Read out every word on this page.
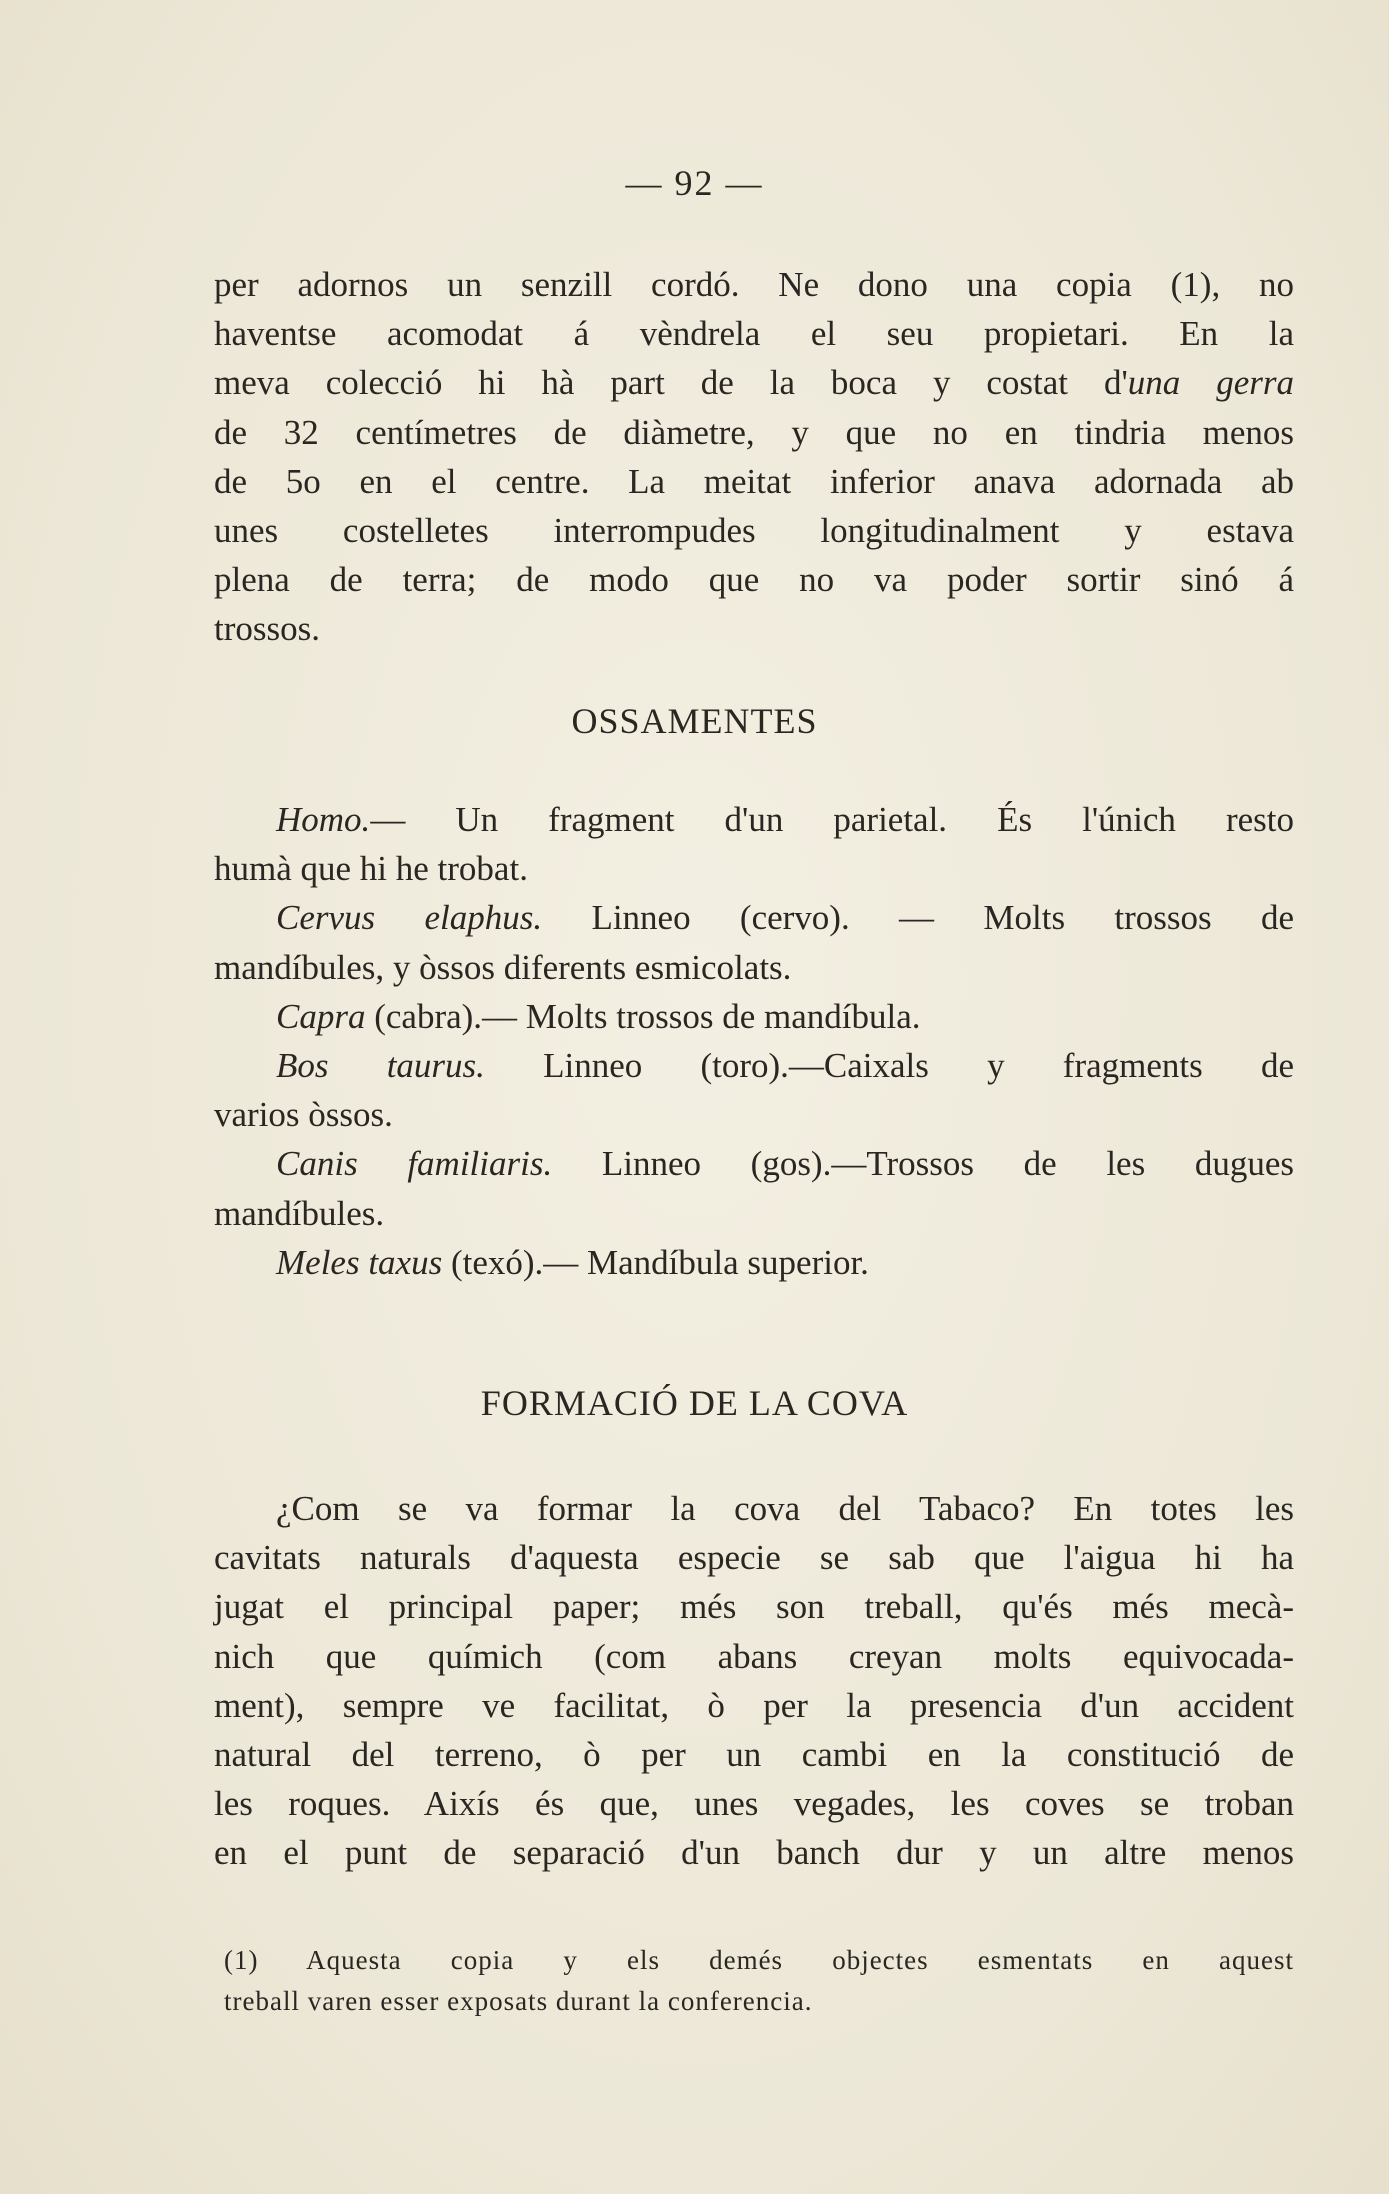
— 92 —

per adornos un senzill cordó. Ne dono una copia (1), no

haventse acomodat á vèndrela el seu propietari. En la

meva colecció hi hà part de la boca y costat d'una gerra

de 32 centímetres de diàmetre, y que no en tindria menos

de 5o en el centre. La meitat inferior anava adornada ab

unes costelletes interrompudes longitudinalment y estava

plena de terra; de modo que no va poder sortir sinó á

trossos.

OSSAMENTES

Homo.— Un fragment d'un parietal. És l'únich resto

humà que hi he trobat.

Cervus elaphus. Linneo (cervo). — Molts trossos de

mandíbules, y òssos diferents esmicolats.

Capra (cabra).— Molts trossos de mandíbula.

Bos taurus. Linneo (toro).—Caixals y fragments de

varios òssos.

Canis familiaris. Linneo (gos).—Trossos de les dugues

mandíbules.

Meles taxus (texó).— Mandíbula superior.

FORMACIÓ DE LA COVA

¿Com se va formar la cova del Tabaco? En totes les

cavitats naturals d'aquesta especie se sab que l'aigua hi ha

jugat el principal paper; més son treball, qu'és més mecà-

nich que químich (com abans creyan molts equivocada-

ment), sempre ve facilitat, ò per la presencia d'un accident

natural del terreno, ò per un cambi en la constitució de

les roques. Aixís és que, unes vegades, les coves se troban

en el punt de separació d'un banch dur y un altre menos

(1) Aquesta copia y els demés objectes esmentats en aquest

treball varen esser exposats durant la conferencia.
